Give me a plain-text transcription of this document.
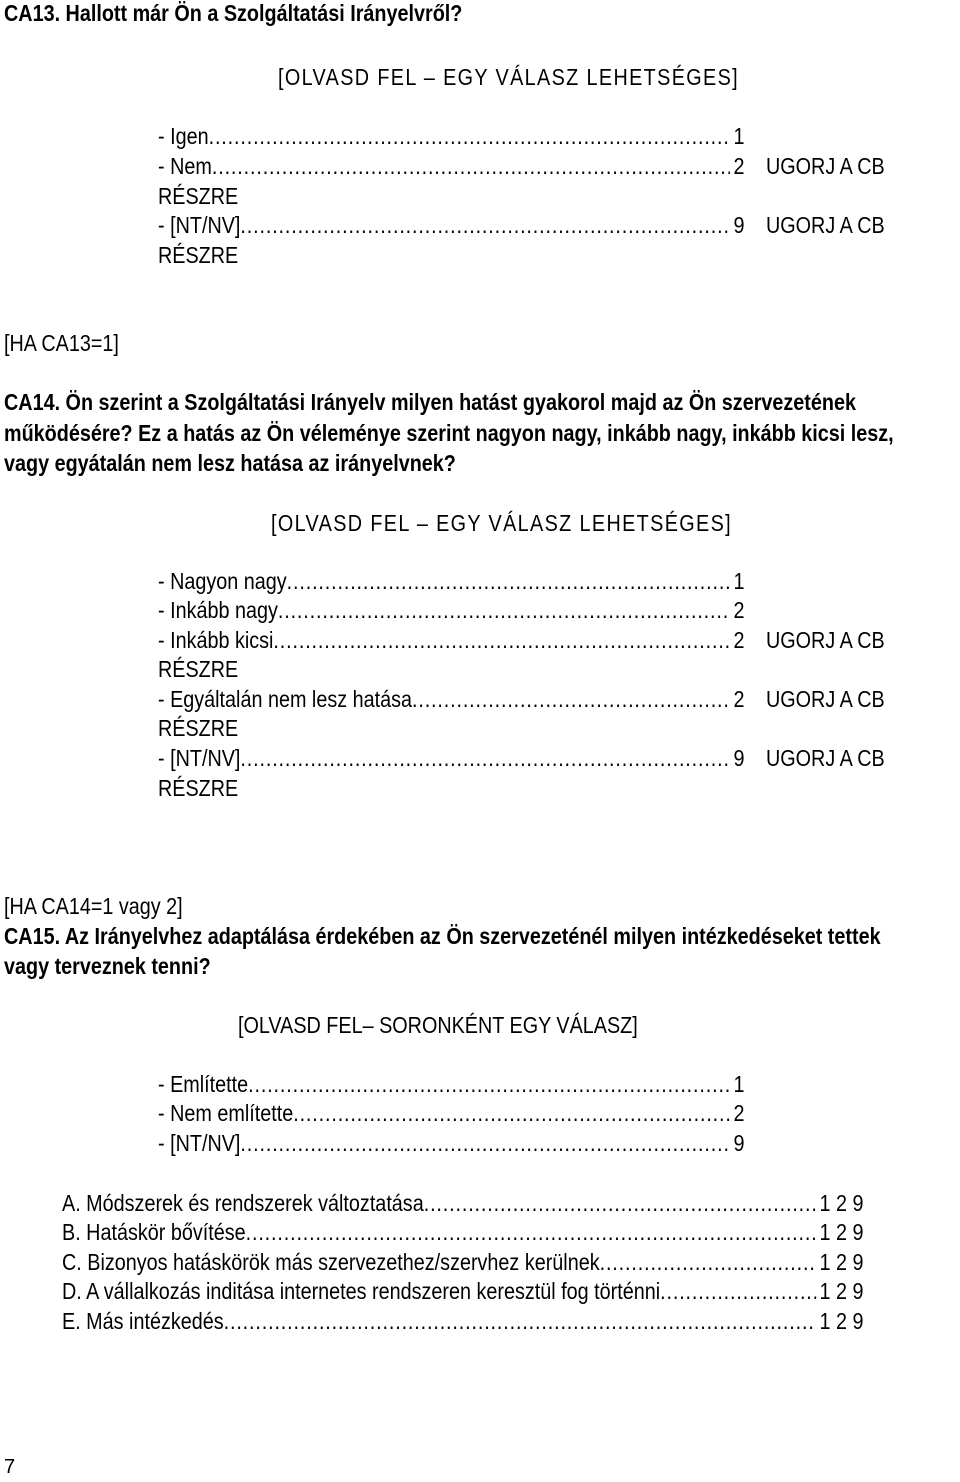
CA13. Hallott már Ön a Szolgáltatási Irányelvről?
[OLVASD FEL – EGY VÁLASZ LEHETSÉGES]
- Igen .....	1
- Nem .....	2 UGORJ A CB
RÉSZRE
- [NT/NV] .....	9 UGORJ A CB
RÉSZRE
[HA CA13=1]
CA14. Ön szerint a Szolgáltatási Irányelv milyen hatást gyakorol majd az Ön szervezetének
működésére? Ez a hatás az Ön véleménye szerint nagyon nagy, inkább nagy, inkább kicsi lesz,
vagy egyátalán nem lesz hatása az irányelvnek?
[OLVASD FEL – EGY VÁLASZ LEHETSÉGES]
- Nagyon nagy .....	1
- Inkább nagy .....	2
- Inkább kicsi .....	2 UGORJ A CB
RÉSZRE
- Egyáltalán nem lesz hatása .....	2 UGORJ A CB
RÉSZRE
- [NT/NV] .....	9 UGORJ A CB
RÉSZRE
[HA CA14=1 vagy 2]
CA15. Az Irányelvhez adaptálása érdekében az Ön szervezeténél milyen intézkedéseket tettek
vagy terveznek tenni?
[OLVASD FEL– SORONKÉNT EGY VÁLASZ]
- Említette .....	1
- Nem említette .....	2
- [NT/NV] .....	9
A. Módszerek és rendszerek változtatása .....	1 2 9
B. Hatáskör bővítése .....	1 2 9
C. Bizonyos hatáskörök más szervezethez/szervhez kerülnek .....	1 2 9
D. A vállalkozás inditása internetes rendszeren keresztül fog történni .....	1 2 9
E. Más intézkedés .....	1 2 9
7
